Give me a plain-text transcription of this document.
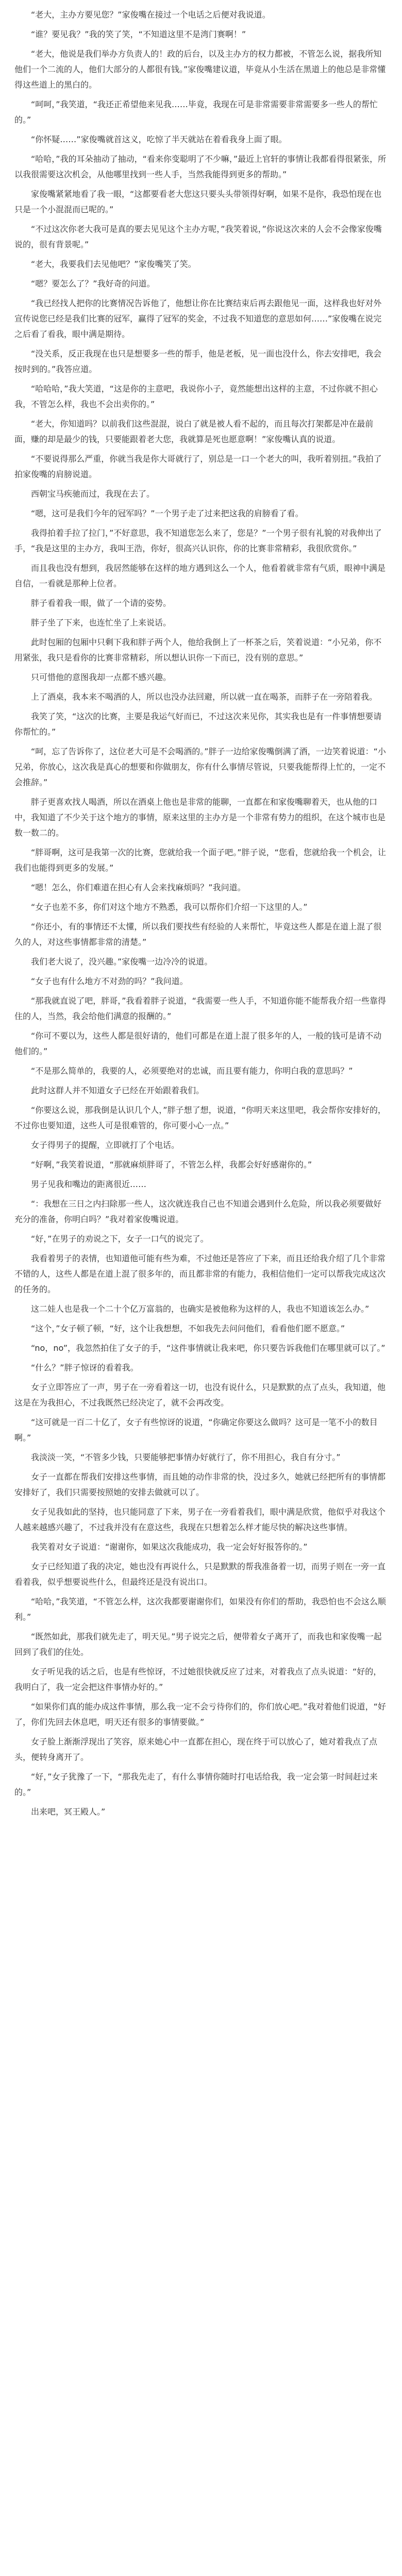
“老大，主办方要见您？”家俊嘴在接过一个电话之后便对我说道。

“谁？要见我？”我的笑了笑，“不知道这里不是湾门赛啊！”

“老大，他说是我们举办方负责人的！政的后台，以及主办方的权力都被，不管怎么说，据我所知他们一个二流的人，他们大部分的人都很有钱。”家俊嘴建议道，毕竟从小生活在黑道上的他总是非常懂得这些道上的黑白的。

“呵呵，”我笑道，“我还正希望他来见我……毕竟，我现在可是非常需要非常需要多一些人的帮忙的。”

“你怀疑……”家俊嘴就首这义，吃惊了半天就站在着看我身上面了眼。

“哈哈，”我的耳朵抽动了抽动，“看来你变聪明了不少嘛，”最近上官轩的事情让我都看得很紧张，所以我很需要这次机会，从他哪里找到一些人手，当然我能得到更多的帮助。”

家俊嘴紧紧地看了我一眼，“这都要看老大您这只要头头带领得好啊，如果不是你，我恐怕现在也只是一个小混混而已呢的。”

“不过这次你老大我可是真的要去见见这个主办方呢，”我笑着说，”你说这次来的人会不会像家俊嘴说的，很有背景呢。”

“老大，我要我们去见他吧？”家俊嘴笑了笑。

“嗯？要怎么了？”我好奇的问道。

“我已经找人把你的比赛情况告诉他了，他想让你在比赛结束后再去跟他见一面，这样我也好对外宣传说您已经是我们比赛的冠军，赢得了冠军的奖金，不过我不知道您的意思如何……”家俊嘴在说完之后看了看我，眼中满是期待。

“没关系，反正我现在也只是想要多一些的帮手，他是老板，见一面也没什么，你去安排吧，我会按时到的。”我答应道。

“哈哈哈，”我大笑道，“这是你的主意吧，我说你小子，竟然能想出这样的主意，不过你就不担心我，不管怎么样，我也不会出卖你的。”

“老大，你知道吗？以前我们这些混混，说白了就是被人看不起的，而且每次打架都是冲在最前面，赚的却是最少的钱，只要能跟着老大您，我就算是死也愿意啊！”家俊嘴认真的说道。

“不要说得那么严重，你就当我是你大哥就行了，别总是一口一个老大的叫，我听着别扭。”我拍了拍家俊嘴的肩膀说道。

西朝宝马疾驰而过，我现在去了。

“嗯，这可是我们今年的冠军吗？”一个男子走了过来把这我的肩膀看了看。

我得拍着手拉了拉门，”不好意思，我不知道您怎么来了，您是？”一个男子很有礼貌的对我伸出了手，“我是这里的主办方，我叫王浩，你好，很高兴认识你，你的比赛非常精彩，我很欣赏你。”

而且我也没有想到，我居然能够在这样的地方遇到这么一个人，他看着就非常有气质，眼神中满是自信，一看就是那种上位者。

胖子看着我一眼，做了一个请的姿势。

胖子坐了下来，也连忙坐了上来说话。

此时包厢的包厢中只剩下我和胖子两个人，他给我倒上了一杯茶之后，笑着说道：“小兄弟，你不用紧张，我只是看你的比赛非常精彩，所以想认识你一下而已，没有别的意思。”

只可惜他的意图我却一点都不感兴趣。

上了酒桌，我本来不喝酒的人，所以也没办法回避，所以就一直在喝茶，而胖子在一旁陪着我。

我笑了笑，“这次的比赛，主要是我运气好而已，不过这次来见你，其实我也是有一件事情想要请你帮忙的。”

“呵，忘了告诉你了，这位老大可是不会喝酒的。”胖子一边给家俊嘴倒满了酒，一边笑着说道：“小兄弟，你放心，这次我是真心的想要和你做朋友，你有什么事情尽管说，只要我能帮得上忙的，一定不会推辞。”

胖子更喜欢找人喝酒，所以在酒桌上他也是非常的能聊，一直都在和家俊嘴聊着天，也从他的口中，我知道了不少关于这个地方的事情，原来这里的主办方是一个非常有势力的组织，在这个城市也是数一数二的。

“胖哥啊，这可是我第一次的比赛，您就给我一个面子吧。”胖子说，“您看，您就给我一个机会，让我们也能得到更多的发展。”

“嗯！怎么，你们难道在担心有人会来找麻烦吗？”我问道。

“女子也差不多，你们对这个地方不熟悉，我可以帮你们介绍一下这里的人。”

“你还小，有的事情还不太懂，所以我们要找些有经验的人来帮忙，毕竟这些人都是在道上混了很久的人，对这些事情都非常的清楚。”

我们老大说了，没兴趣。”家俊嘴一边冷冷的说道。

“女子也有什么地方不对劲的吗？”我问道。

“那我就直说了吧，胖哥，”我看着胖子说道，“我需要一些人手，不知道你能不能帮我介绍一些靠得住的人，当然，我会给他们满意的报酬的。”

“你可不要以为，这些人都是很好请的，他们可都是在道上混了很多年的人，一般的钱可是请不动他们的。”

“不是那么简单的，我要的人，必须要绝对的忠诚，而且要有能力，你明白我的意思吗？”

此时这群人并不知道女子已经在开始跟着我们。

“你要这么说，那我倒是认识几个人，”胖子想了想，说道，“你明天来这里吧，我会帮你安排好的，不过你也要知道，这些人可是很难管的，你可要小心一点。”

女子得男子的提醒，立即就打了个电话。

“好啊，”我笑着说道，“那就麻烦胖哥了，不管怎么样，我都会好好感谢你的。”

男子见我和嘴边的距离很近……

“：我想在三日之内扫除那一些人，这次就连我自己也不知道会遇到什么危险，所以我必须要做好充分的准备，你明白吗？”我对着家俊嘴说道。

“好，”在男子的劝说之下，女子一口气的说完了。

我看着男子的表情，也知道他可能有些为难，不过他还是答应了下来，而且还给我介绍了几个非常不错的人，这些人都是在道上混了很多年的，而且都非常的有能力，我相信他们一定可以帮我完成这次的任务的。

这二娃人也是我一个二十个亿万富翁的，也确实是被他称为这样的人，我也不知道该怎么办。”

“这个，”女子顿了顿，“好，这个让我想想，不如我先去问问他们，看看他们愿不愿意。”

“no，no”，我忽然拍住了女子的手，“这件事情就让我来吧，你只要告诉我他们在哪里就可以了。”

“什么？”胖子惊讶的看着我。

女子立即答应了一声，男子在一旁看着这一切，也没有说什么，只是默默的点了点头，我知道，他这是在为我担心，不过我既然已经决定了，就不会再改变。

“这可就是一百二十亿了，女子有些惊讶的说道，“你确定你要这么做吗？这可是一笔不小的数目啊。”

我淡淡一笑，“不管多少钱，只要能够把事情办好就行了，你不用担心，我自有分寸。”

女子一直都在帮我们安排这些事情，而且她的动作非常的快，没过多久，她就已经把所有的事情都安排好了，我们只需要按照她的安排去做就可以了。

女子见我如此的坚持，也只能同意了下来，男子在一旁看着我们，眼中满是欣赏，他似乎对我这个人越来越感兴趣了，不过我并没有在意这些，我现在只想着怎么样才能尽快的解决这些事情。

我笑着对女子说道：“谢谢你，如果这次我能成功，我一定会好好报答你的。”

女子已经知道了我的决定，她也没有再说什么，只是默默的帮我准备着一切，而男子则在一旁一直看着我，似乎想要说些什么，但最终还是没有说出口。

“哈哈，”我笑道，“不管怎么样，这次我都要谢谢你们，如果没有你们的帮助，我恐怕也不会这么顺利。”

“既然如此，那我们就先走了，明天见。”男子说完之后，便带着女子离开了，而我也和家俊嘴一起回到了我们的住处。

女子听见我的话之后，也是有些惊讶，不过她很快就反应了过来，对着我点了点头说道：“好的，我明白了，我一定会把这件事情办好的。”

“如果你们真的能办成这件事情，那么我一定不会亏待你们的，你们放心吧。”我对着他们说道，“好了，你们先回去休息吧，明天还有很多的事情要做。”

女子脸上渐渐浮现出了笑容，原来她心中一直都在担心，现在终于可以放心了，她对着我点了点头，便转身离开了。

“好，”女子犹豫了一下，“那我先走了，有什么事情你随时打电话给我，我一定会第一时间赶过来的。”

出来吧，冥王殿人。”
